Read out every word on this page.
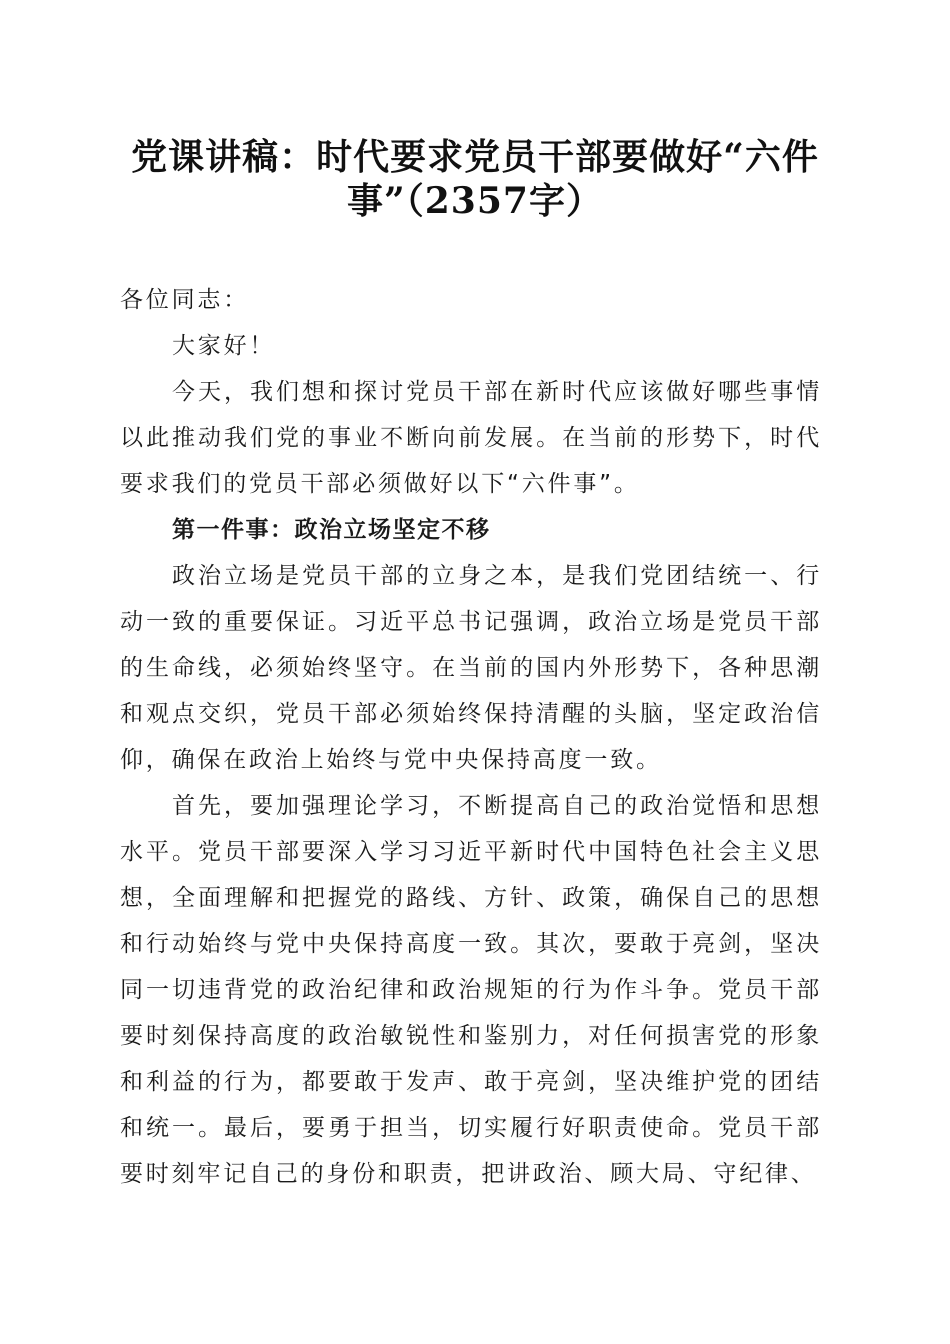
党课讲稿：时代要求党员干部要做好“六件事”（2357字）

各位同志：

大家好！

今天，我们想和探讨党员干部在新时代应该做好哪些事情以此推动我们党的事业不断向前发展。在当前的形势下，时代要求我们的党员干部必须做好以下“六件事”。

第一件事：政治立场坚定不移

政治立场是党员干部的立身之本，是我们党团结统一、行动一致的重要保证。习近平总书记强调，政治立场是党员干部的生命线，必须始终坚守。在当前的国内外形势下，各种思潮和观点交织，党员干部必须始终保持清醒的头脑，坚定政治信仰，确保在政治上始终与党中央保持高度一致。

首先，要加强理论学习，不断提高自己的政治觉悟和思想水平。党员干部要深入学习习近平新时代中国特色社会主义思想，全面理解和把握党的路线、方针、政策，确保自己的思想和行动始终与党中央保持高度一致。其次，要敢于亮剑，坚决同一切违背党的政治纪律和政治规矩的行为作斗争。党员干部要时刻保持高度的政治敏锐性和鉴别力，对任何损害党的形象和利益的行为，都要敢于发声、敢于亮剑，坚决维护党的团结和统一。最后，要勇于担当，切实履行好职责使命。党员干部要时刻牢记自己的身份和职责，把讲政治、顾大局、守纪律、
